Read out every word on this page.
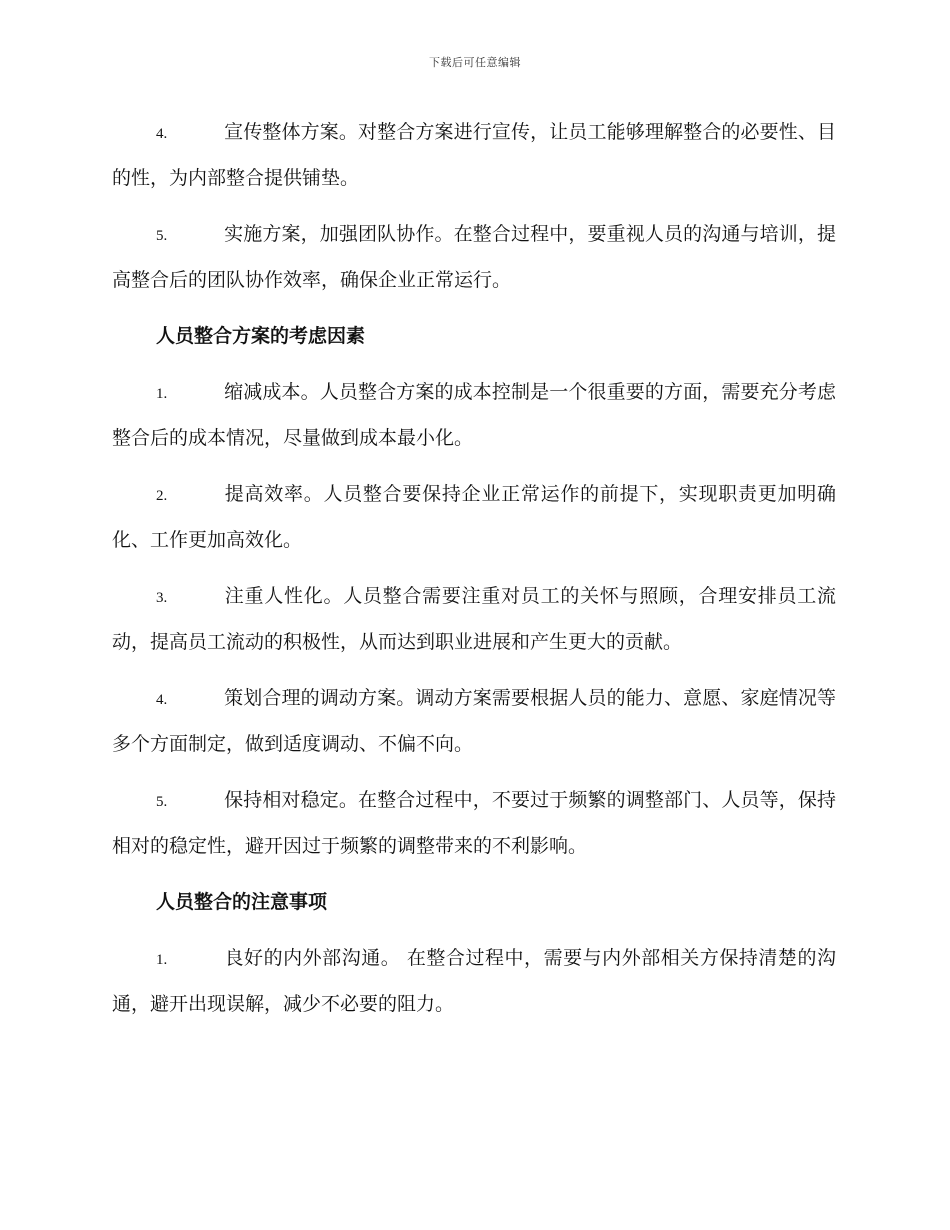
下载后可任意编辑

4.	宣传整体方案。对整合方案进行宣传，让员工能够理解整合的必要性、目的性，为内部整合提供铺垫。

5.	实施方案，加强团队协作。在整合过程中，要重视人员的沟通与培训，提高整合后的团队协作效率，确保企业正常运行。

人员整合方案的考虑因素

1.	缩减成本。人员整合方案的成本控制是一个很重要的方面，需要充分考虑整合后的成本情况，尽量做到成本最小化。

2.	提高效率。人员整合要保持企业正常运作的前提下，实现职责更加明确化、工作更加高效化。

3.	注重人性化。人员整合需要注重对员工的关怀与照顾，合理安排员工流动，提高员工流动的积极性，从而达到职业进展和产生更大的贡献。

4.	策划合理的调动方案。调动方案需要根据人员的能力、意愿、家庭情况等多个方面制定，做到适度调动、不偏不向。

5.	保持相对稳定。在整合过程中，不要过于频繁的调整部门、人员等，保持相对的稳定性，避开因过于频繁的调整带来的不利影响。

人员整合的注意事项

1.	良好的内外部沟通。 在整合过程中，需要与内外部相关方保持清楚的沟通，避开出现误解，减少不必要的阻力。
